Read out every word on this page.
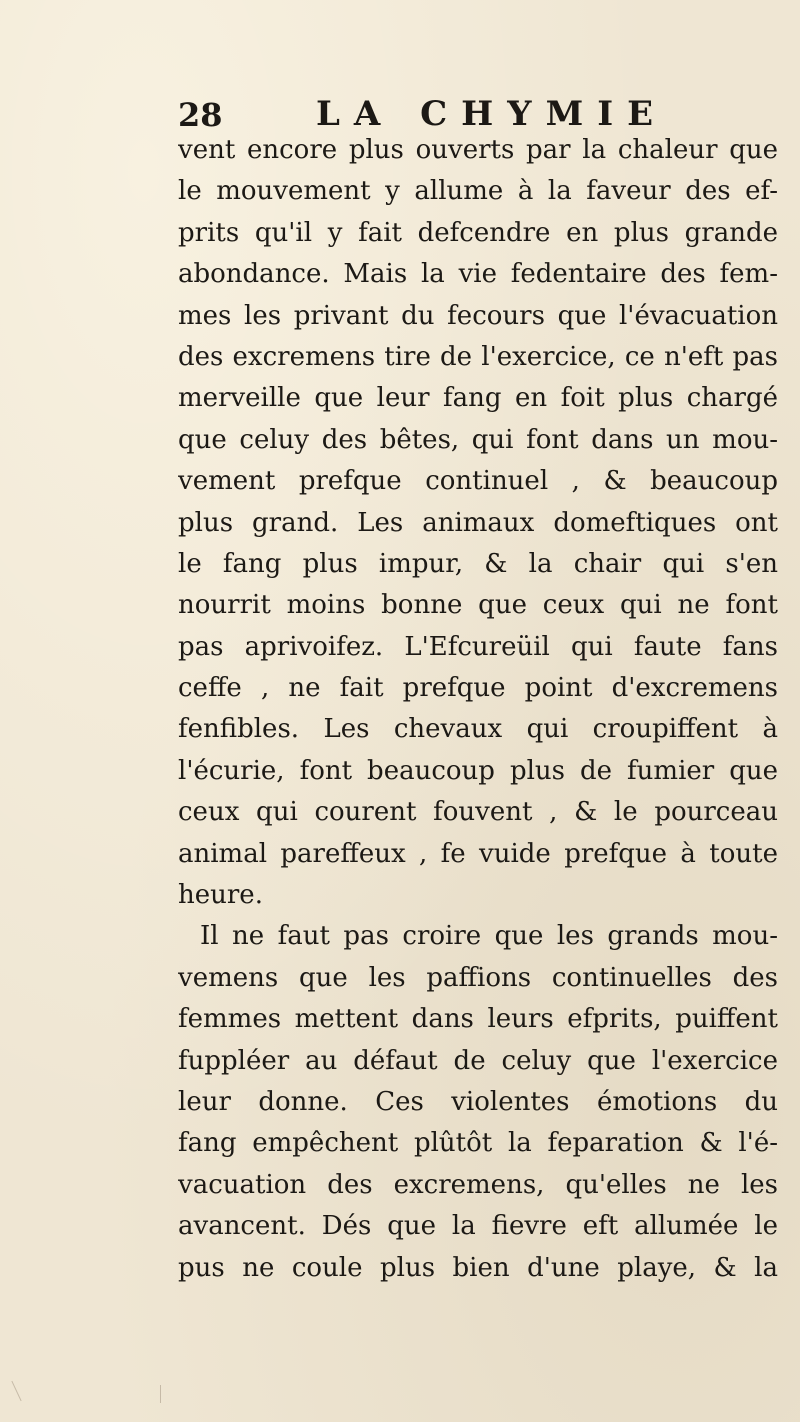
28	LA CHYMIE
vent encore plus ouverts par la chaleur que
le mouvement y allume à la faveur des ef-
prits qu'il y fait defcendre en plus grande
abondance. Mais la vie fedentaire des fem-
mes les privant du fecours que l'évacuation
des excremens tire de l'exercice, ce n'eft pas
merveille que leur fang en foit plus chargé
que celuy des bêtes, qui font dans un mou-
vement prefque continuel , & beaucoup
plus grand. Les animaux domeftiques ont
le fang plus impur, & la chair qui s'en
nourrit moins bonne que ceux qui ne font
pas aprivoifez. L'Efcureüil qui faute fans
ceffe , ne fait prefque point d'excremens
fenfibles. Les chevaux qui croupiffent à
l'écurie, font beaucoup plus de fumier que
ceux qui courent fouvent , & le pourceau
animal pareffeux , fe vuide prefque à toute
heure.
Il ne faut pas croire que les grands mou-
vemens que les paffions continuelles des
femmes mettent dans leurs efprits, puiffent
fuppléer au défaut de celuy que l'exercice
leur donne. Ces violentes émotions du
fang empêchent plûtôt la feparation & l'é-
vacuation des excremens, qu'elles ne les
avancent. Dés que la fievre eft allumée le
pus ne coule plus bien d'une playe, & la
